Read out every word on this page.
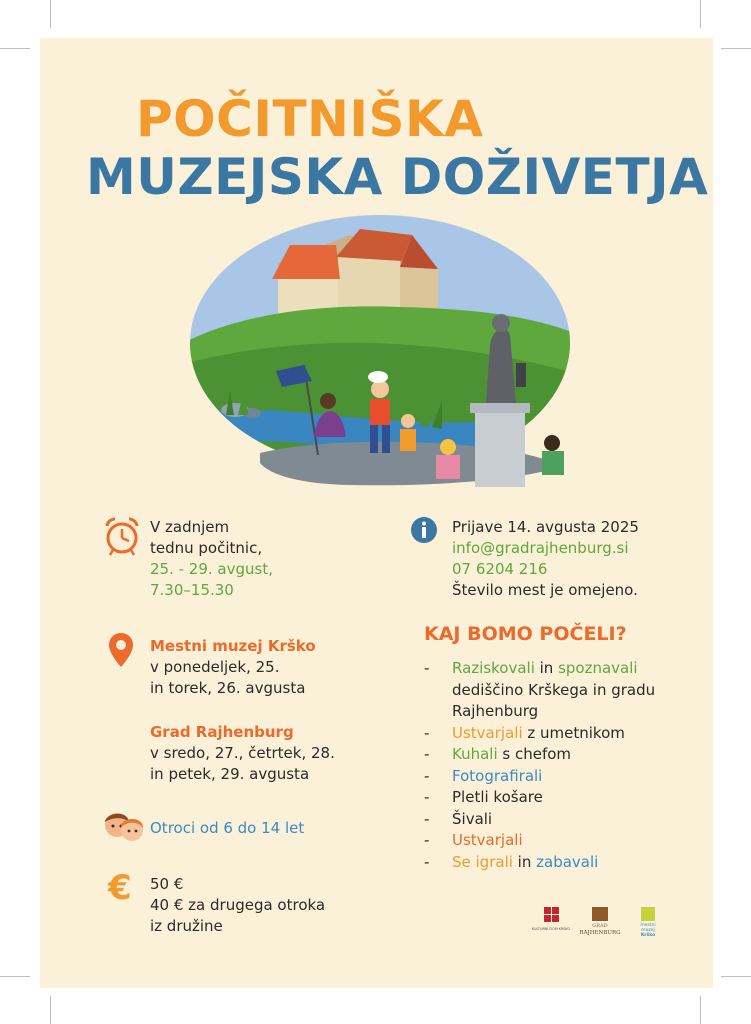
POČITNIŠKA
MUZEJSKA DOŽIVETJA
V zadnjem
tednu počitnic,
25. - 29. avgust,
7.30–15.30
Mestni muzej Krško
v ponedeljek, 25.
in torek, 26. avgusta
Grad Rajhenburg
v sredo, 27., četrtek, 28.
in petek, 29. avgusta
Otroci od 6 do 14 let
€ 50 €
40 € za drugega otroka
iz družine
Prijave 14. avgusta 2025
info@gradrajhenburg.si
07 6204 216
Število mest je omejeno.
KAJ BOMO POČELI?
-	Raziskovali in spoznavali
dediščino Krškega in gradu
Rajhenburg
-	Ustvarjali z umetnikom
-	Kuhali s chefom
-	Fotografirali
-	Pletli košare
-	Šivali
-	Ustvarjali
-	Se igrali in zabavali
KULTURNI DOM KRŠKO	GRAD
RAJHENBURG
mestni
muzej
Krško
